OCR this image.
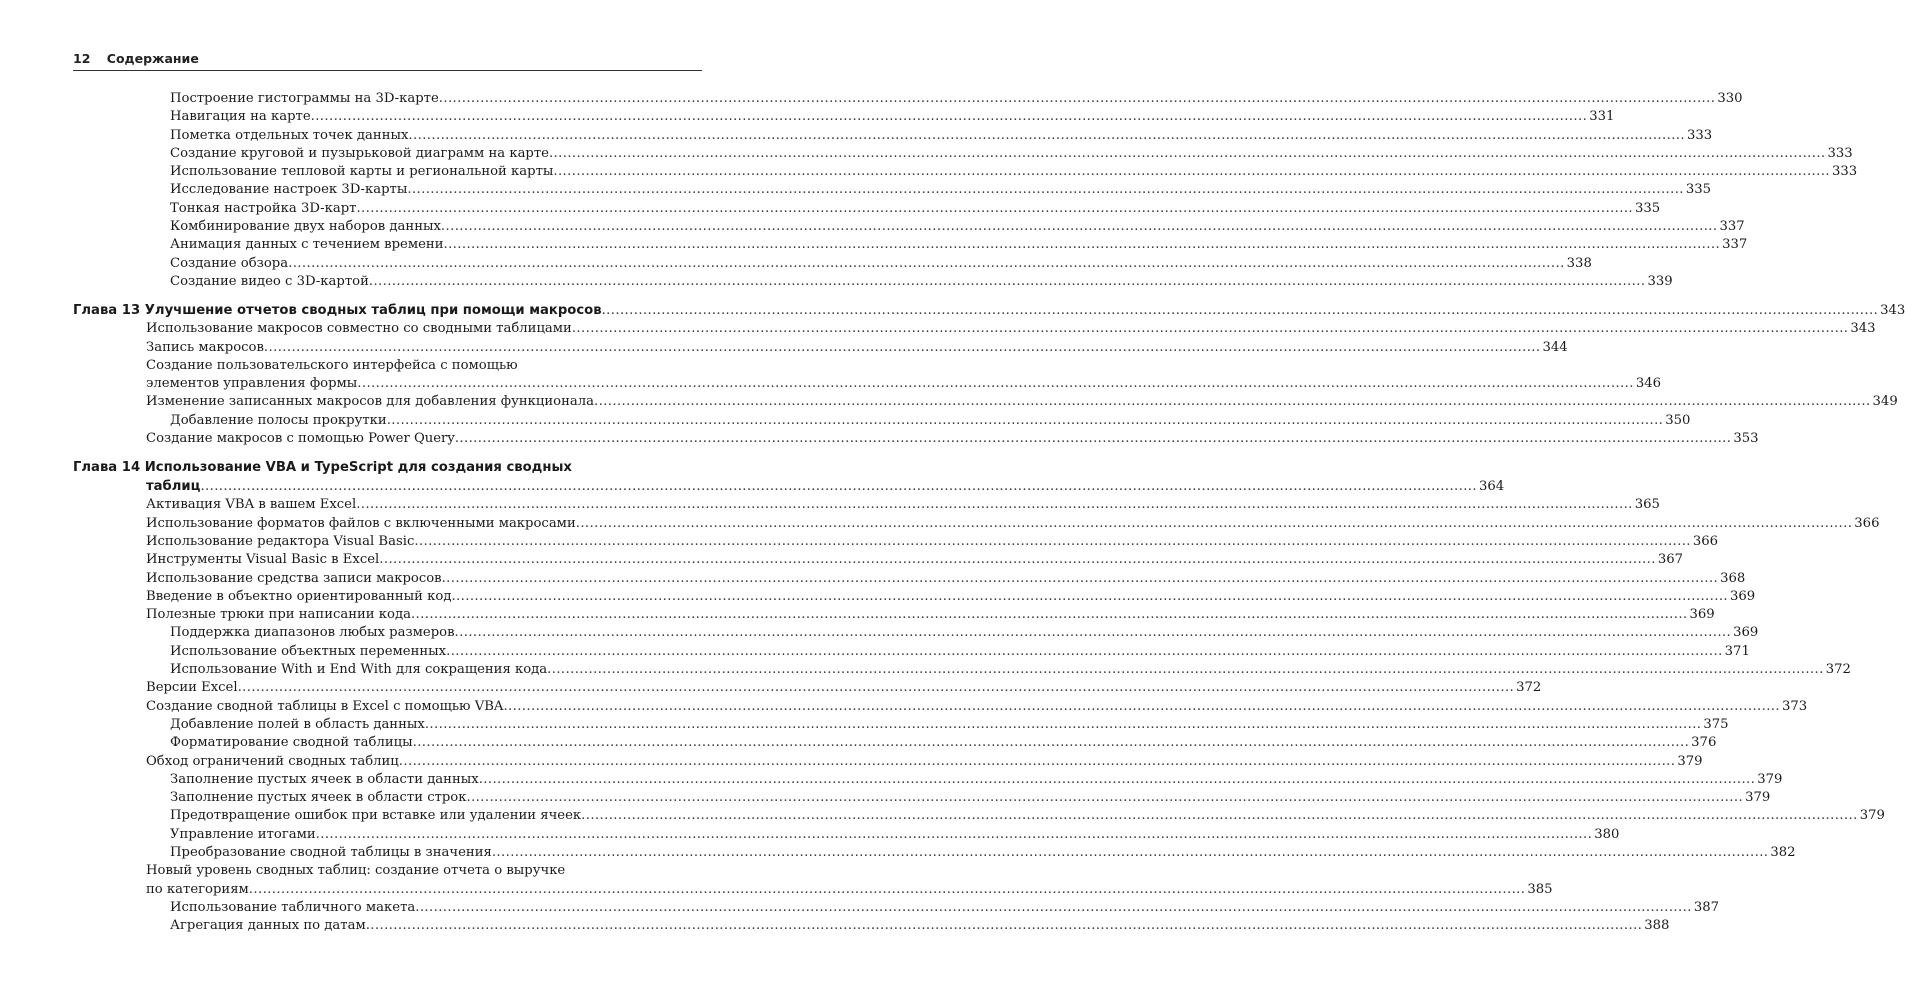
12 Содержание
Построение гистограммы на 3D-карте .....	330
Навигация на карте .....	331
Пометка отдельных точек данных .....	333
Создание круговой и пузырьковой диаграмм на карте .....	333
Использование тепловой карты и региональной карты .....	333
Исследование настроек 3D-карты .....	335
Тонкая настройка 3D-карт .....	335
Комбинирование двух наборов данных .....	337
Анимация данных с течением времени .....	337
Создание обзора .....	338
Создание видео с 3D-картой .....	339
Глава 13 Улучшение отчетов сводных таблиц при помощи макросов .....	343
Использование макросов совместно со сводными таблицами .....	343
Запись макросов .....	344
Создание пользовательского интерфейса с помощью
элементов управления формы .....	346
Изменение записанных макросов для добавления функционала .....	349
Добавление полосы прокрутки .....	350
Создание макросов с помощью Power Query .....	353
Глава 14 Использование VBA и TypeScript для создания сводных
таблиц .....	364
Активация VBA в вашем Excel .....	365
Использование форматов файлов с включенными макросами .....	366
Использование редактора Visual Basic .....	366
Инструменты Visual Basic в Excel .....	367
Использование средства записи макросов .....	368
Введение в объектно ориентированный код .....	369
Полезные трюки при написании кода .....	369
Поддержка диапазонов любых размеров .....	369
Использование объектных переменных .....	371
Использование With и End With для сокращения кода .....	372
Версии Excel .....	372
Создание сводной таблицы в Excel с помощью VBA .....	373
Добавление полей в область данных .....	375
Форматирование сводной таблицы .....	376
Обход ограничений сводных таблиц .....	379
Заполнение пустых ячеек в области данных .....	379
Заполнение пустых ячеек в области строк .....	379
Предотвращение ошибок при вставке или удалении ячеек .....	379
Управление итогами .....	380
Преобразование сводной таблицы в значения .....	382
Новый уровень сводных таблиц: создание отчета о выручке
по категориям .....	385
Использование табличного макета .....	387
Агрегация данных по датам .....	388
